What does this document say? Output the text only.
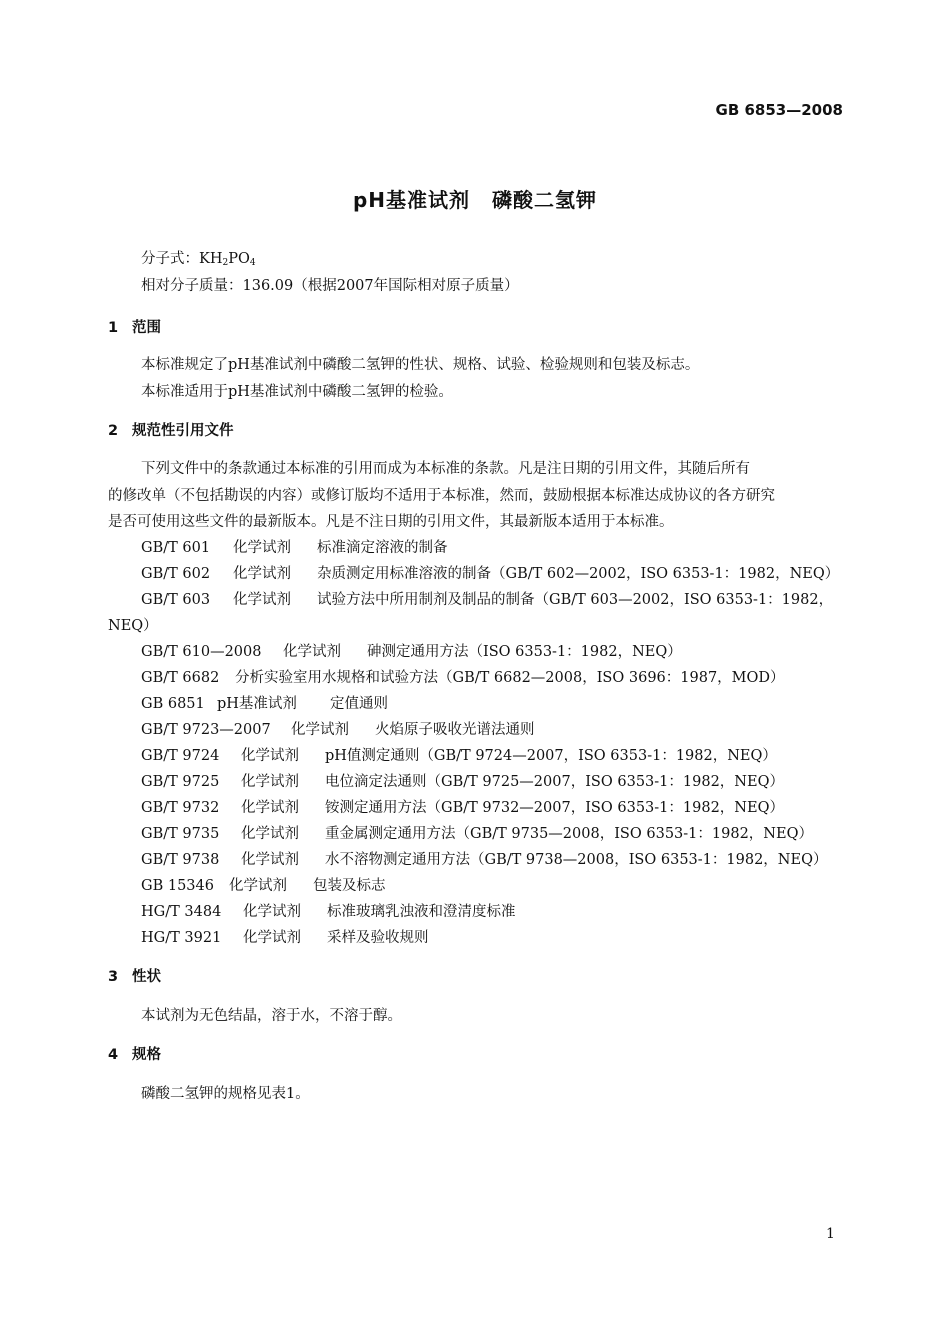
GB 6853—2008
pH基准试剂 磷酸二氢钾
分子式：$KH_2PO_4$
相对分子质量：136.09（根据2007年国际相对原子质量）
1 范围
本标准规定了pH基准试剂中磷酸二氢钾的性状、规格、试验、检验规则和包装及标志。
本标准适用于pH基准试剂中磷酸二氢钾的检验。
2 规范性引用文件
下列文件中的条款通过本标准的引用而成为本标准的条款。凡是注日期的引用文件，其随后所有
的修改单（不包括勘误的内容）或修订版均不适用于本标准，然而，鼓励根据本标准达成协议的各方研究
是否可使用这些文件的最新版本。凡是不注日期的引用文件，其最新版本适用于本标准。
GB/T 601 化学试剂 标准滴定溶液的制备
GB/T 602 化学试剂 杂质测定用标准溶液的制备（GB/T 602—2002，ISO 6353-1：1982，NEQ）
GB/T 603 化学试剂 试验方法中所用制剂及制品的制备（GB/T 603—2002，ISO 6353-1：1982，
NEQ）
GB/T 610—2008 化学试剂 砷测定通用方法（ISO 6353-1：1982，NEQ）
GB/T 6682 分析实验室用水规格和试验方法（GB/T 6682—2008，ISO 3696：1987，MOD）
GB 6851 pH基准试剂 定值通则
GB/T 9723—2007 化学试剂 火焰原子吸收光谱法通则
GB/T 9724 化学试剂 pH值测定通则（GB/T 9724—2007，ISO 6353-1：1982，NEQ）
GB/T 9725 化学试剂 电位滴定法通则（GB/T 9725—2007，ISO 6353-1：1982，NEQ）
GB/T 9732 化学试剂 铵测定通用方法（GB/T 9732—2007，ISO 6353-1：1982，NEQ）
GB/T 9735 化学试剂 重金属测定通用方法（GB/T 9735—2008，ISO 6353-1：1982，NEQ）
GB/T 9738 化学试剂 水不溶物测定通用方法（GB/T 9738—2008，ISO 6353-1：1982，NEQ）
GB 15346 化学试剂 包装及标志
HG/T 3484 化学试剂 标准玻璃乳浊液和澄清度标准
HG/T 3921 化学试剂 采样及验收规则
3 性状
本试剂为无色结晶，溶于水，不溶于醇。
4 规格
磷酸二氢钾的规格见表1。
1
